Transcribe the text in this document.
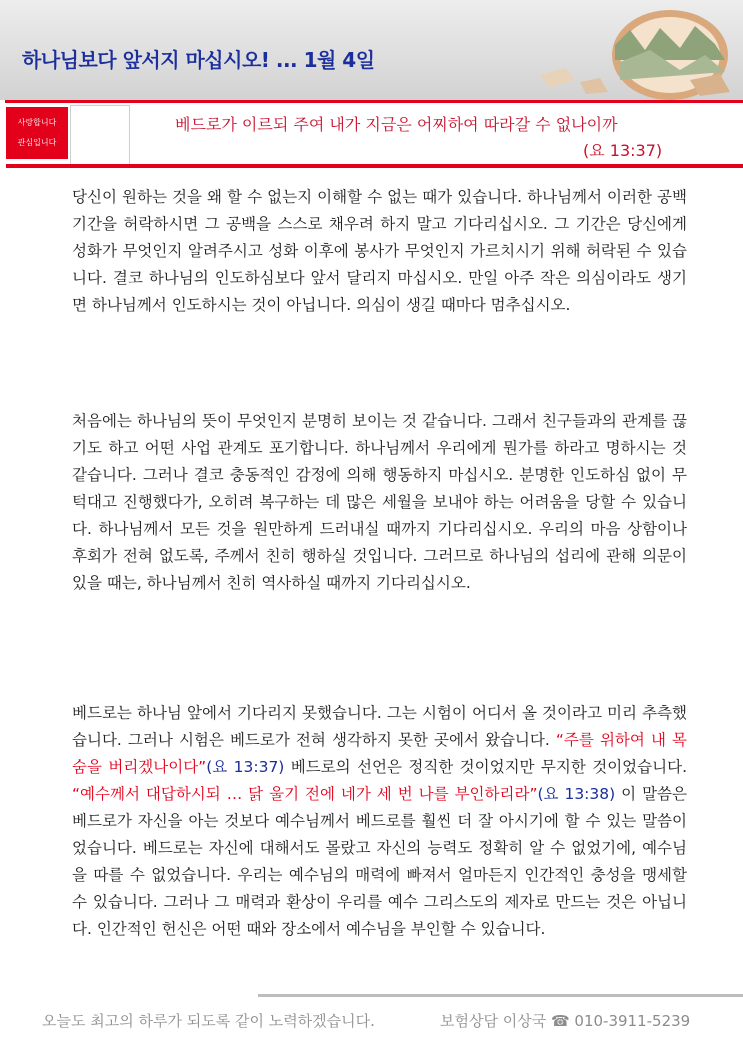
하나님보다 앞서지 마십시오! ... 1월 4일
사랑합니다
관심입니다
베드로가 이르되 주여 내가 지금은 어찌하여 따라갈 수 없나이까
(요 13:37)
당신이 원하는 것을 왜 할 수 없는지 이해할 수 없는 때가 있습니다. 하나님께서 이러한 공백 기간을 허락하시면 그 공백을 스스로 채우려 하지 말고 기다리십시오. 그 기간은 당신에게 성화가 무엇인지 알려주시고 성화 이후에 봉사가 무엇인지 가르치시기 위해 허락된 수 있습니다. 결코 하나님의 인도하심보다 앞서 달리지 마십시오. 만일 아주 작은 의심이라도 생기면 하나님께서 인도하시는 것이 아닙니다. 의심이 생길 때마다 멈추십시오.
처음에는 하나님의 뜻이 무엇인지 분명히 보이는 것 같습니다. 그래서 친구들과의 관계를 끊기도 하고 어떤 사업 관계도 포기합니다. 하나님께서 우리에게 뭔가를 하라고 명하시는 것 같습니다. 그러나 결코 충동적인 감정에 의해 행동하지 마십시오. 분명한 인도하심 없이 무턱대고 진행했다가, 오히려 복구하는 데 많은 세월을 보내야 하는 어려움을 당할 수 있습니다. 하나님께서 모든 것을 원만하게 드러내실 때까지 기다리십시오. 우리의 마음 상함이나 후회가 전혀 없도록, 주께서 친히 행하실 것입니다. 그러므로 하나님의 섭리에 관해 의문이 있을 때는, 하나님께서 친히 역사하실 때까지 기다리십시오.
베드로는 하나님 앞에서 기다리지 못했습니다. 그는 시험이 어디서 올 것이라고 미리 추측했습니다. 그러나 시험은 베드로가 전혀 생각하지 못한 곳에서 왔습니다. “주를 위하여 내 목숨을 버리겠나이다”(요 13:37) 베드로의 선언은 정직한 것이었지만 무지한 것이었습니다. “예수께서 대답하시되 … 닭 울기 전에 네가 세 번 나를 부인하리라”(요 13:38) 이 말씀은 베드로가 자신을 아는 것보다 예수님께서 베드로를 훨씬 더 잘 아시기에 할 수 있는 말씀이었습니다. 베드로는 자신에 대해서도 몰랐고 자신의 능력도 정확히 알 수 없었기에, 예수님을 따를 수 없었습니다. 우리는 예수님의 매력에 빠져서 얼마든지 인간적인 충성을 맹세할 수 있습니다. 그러나 그 매력과 환상이 우리를 예수 그리스도의 제자로 만드는 것은 아닙니다. 인간적인 헌신은 어떤 때와 장소에서 예수님을 부인할 수 있습니다.
오늘도 최고의 하루가 되도록 같이 노력하겠습니다.	보험상담 이상국 ☎ 010-3911-5239
